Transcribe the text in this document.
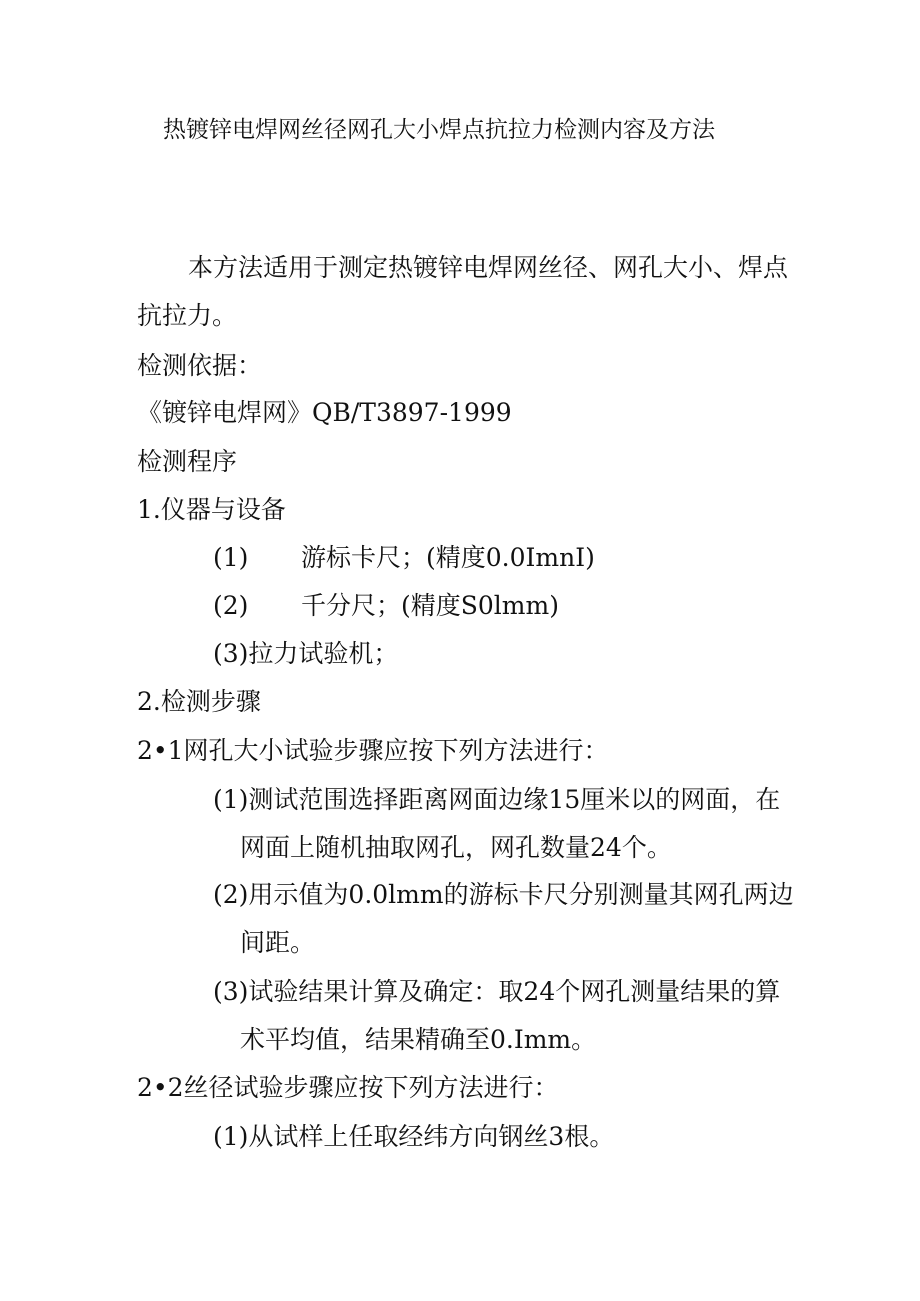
热镀锌电焊网丝径网孔大小焊点抗拉力检测内容及方法
本方法适用于测定热镀锌电焊网丝径、网孔大小、焊点
抗拉力。
检测依据：
《镀锌电焊网》QB/T3897-1999
检测程序
1.仪器与设备
(1) 游标卡尺；(精度0.0ImnI)
(2) 千分尺；(精度S0lmm)
(3)拉力试验机；
2.检测步骤
2•1网孔大小试验步骤应按下列方法进行：
(1)测试范围选择距离网面边缘15厘米以的网面，在
网面上随机抽取网孔，网孔数量24个。
(2)用示值为0.0lmm的游标卡尺分别测量其网孔两边
间距。
(3)试验结果计算及确定：取24个网孔测量结果的算
术平均值，结果精确至0.Imm。
2•2丝径试验步骤应按下列方法进行：
(1)从试样上任取经纬方向钢丝3根。
